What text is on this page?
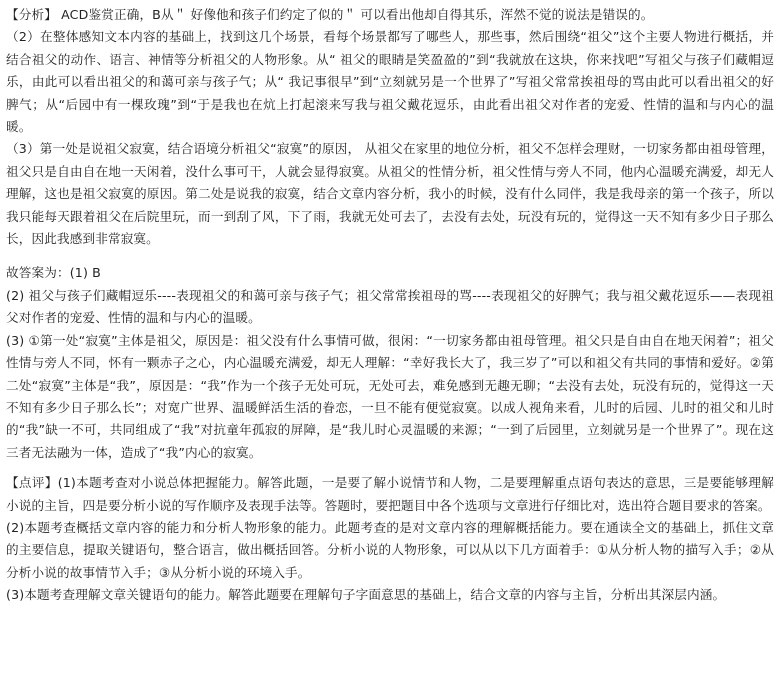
【分析】 ACD鉴赏正确，B从＂ 好像他和孩子们约定了似的＂ 可以看出他却自得其乐，浑然不觉的说法是错误的。

（2）在整体感知文本内容的基础上，找到这几个场景，看每个场景都写了哪些人，那些事，然后围绕“祖父”这个主要人物进行概括，并结合祖父的动作、语言、神情等分析祖父的人物形象。从“ 祖父的眼睛是笑盈盈的”到“我就放在这块，你来找吧”写祖父与孩子们藏帽逗乐，由此可以看出祖父的和蔼可亲与孩子气；从“ 我记事很早”到“立刻就另是一个世界了”写祖父常常挨祖母的骂由此可以看出祖父的好脾气；从“后园中有一棵玫瑰”到“于是我也在炕上打起滚来写我与祖父戴花逗乐，由此看出祖父对作者的宠爱、性情的温和与内心的温暖。

（3）第一处是说祖父寂寞，结合语境分析祖父“寂寞”的原因， 从祖父在家里的地位分析，祖父不怎样会理财，一切家务都由祖母管理，祖父只是自由自在地一天闲着，没什么事可干，人就会显得寂寞。从祖父的性情分析，祖父性情与旁人不同，他内心温暖充满爱，却无人理解，这也是祖父寂寞的原因。第二处是说我的寂寞，结合文章内容分析，我小的时候，没有什么同伴，我是我母亲的第一个孩子，所以我只能每天跟着祖父在后院里玩，而一到刮了风，下了雨，我就无处可去了，去没有去处，玩没有玩的，觉得这一天不知有多少日子那么长，因此我感到非常寂寞。

故答案为：(1) B

(2) 祖父与孩子们藏帽逗乐----表现祖父的和蔼可亲与孩子气；祖父常常挨祖母的骂----表现祖父的好脾气；我与祖父戴花逗乐——表现祖父对作者的宠爱、性情的温和与内心的温暖。

(3) ①第一处“寂寞”主体是祖父，原因是：祖父没有什么事情可做，很闲：“一切家务都由祖母管理。祖父只是自由自在地天闲着”；祖父性情与旁人不同，怀有一颗赤子之心，内心温暖充满爱，却无人理解：“幸好我长大了，我三岁了”可以和祖父有共同的事情和爱好。②第二处“寂寞”主体是“我”，原因是：“我”作为一个孩子无处可玩，无处可去，难免感到无趣无聊；“去没有去处，玩没有玩的，觉得这一天不知有多少日子那么长”；对宽广世界、温暖鲜活生活的眷恋，一旦不能有便觉寂寞。以成人视角来看，儿时的后园、儿时的祖父和儿时的“我”缺一不可，共同组成了“我”对抗童年孤寂的屏障，是“我儿时心灵温暖的来源；“一到了后园里，立刻就另是一个世界了”。现在这三者无法融为一体，造成了“我”内心的寂寞。

【点评】(1)本题考查对小说总体把握能力。解答此题，一是要了解小说情节和人物，二是要理解重点语句表达的意思，三是要能够理解小说的主旨，四是要分析小说的写作顺序及表现手法等。答题时，要把题目中各个选项与文章进行仔细比对，选出符合题目要求的答案。

(2)本题考查概括文章内容的能力和分析人物形象的能力。此题考查的是对文章内容的理解概括能力。要在通读全文的基础上，抓住文章的主要信息，提取关键语句，整合语言，做出概括回答。分析小说的人物形象，可以从以下几方面着手：①从分析人物的描写入手；②从分析小说的故事情节入手；③从分析小说的环境入手。

(3)本题考查理解文章关键语句的能力。解答此题要在理解句子字面意思的基础上，结合文章的内容与主旨，分析出其深层内涵。
